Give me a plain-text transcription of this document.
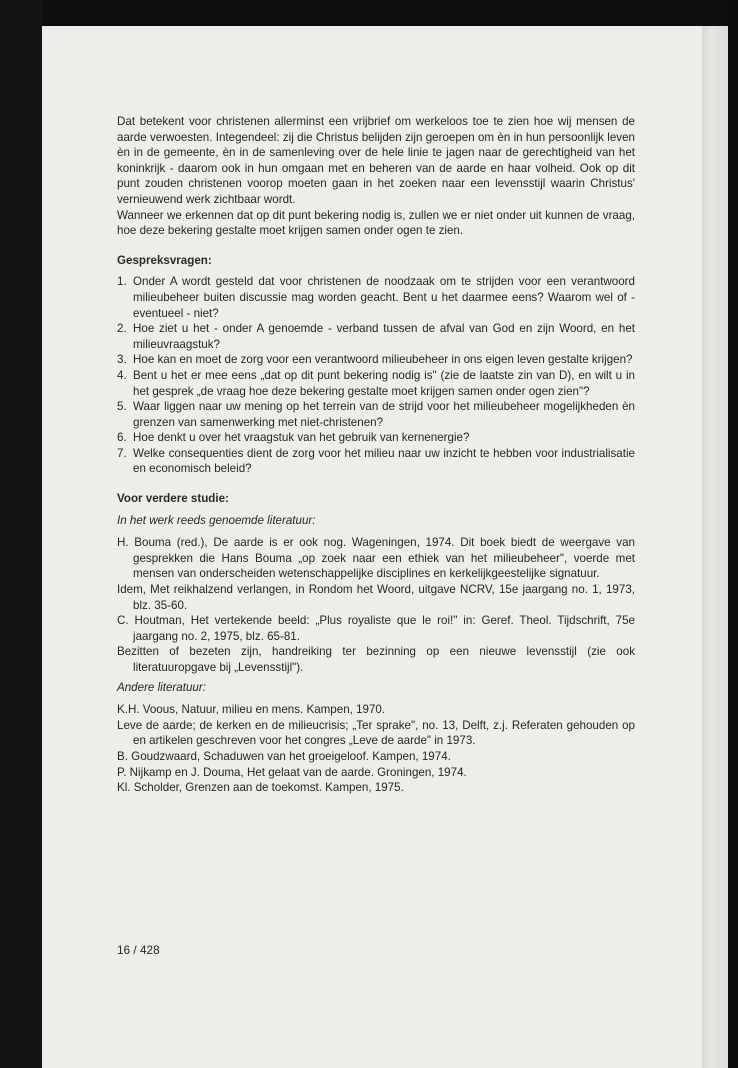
Dat betekent voor christenen allerminst een vrijbrief om werkeloos toe te zien hoe wij mensen de aarde verwoesten. Integendeel: zij die Christus belijden zijn geroepen om èn in hun persoonlijk leven èn in de gemeente, èn in de samenleving over de hele linie te jagen naar de gerechtigheid van het koninkrijk - daarom ook in hun omgaan met en beheren van de aarde en haar volheid. Ook op dit punt zouden christenen voorop moeten gaan in het zoeken naar een levensstijl waarin Christus' vernieuwend werk zichtbaar wordt.

Wanneer we erkennen dat op dit punt bekering nodig is, zullen we er niet onder uit kunnen de vraag, hoe deze bekering gestalte moet krijgen samen onder ogen te zien.

Gespreksvragen:

1. Onder A wordt gesteld dat voor christenen de noodzaak om te strijden voor een verantwoord milieubeheer buiten discussie mag worden geacht. Bent u het daarmee eens? Waarom wel of - eventueel - niet?
2. Hoe ziet u het - onder A genoemde - verband tussen de afval van God en zijn Woord, en het milieuvraagstuk?
3. Hoe kan en moet de zorg voor een verantwoord milieubeheer in ons eigen leven gestalte krijgen?
4. Bent u het er mee eens „dat op dit punt bekering nodig is" (zie de laatste zin van D), en wilt u in het gesprek „de vraag hoe deze bekering gestalte moet krijgen samen onder ogen zien"?
5. Waar liggen naar uw mening op het terrein van de strijd voor het milieubeheer mogelijkheden èn grenzen van samenwerking met niet-christenen?
6. Hoe denkt u over het vraagstuk van het gebruik van kernenergie?
7. Welke consequenties dient de zorg voor het milieu naar uw inzicht te hebben voor industrialisatie en economisch beleid?

Voor verdere studie:

In het werk reeds genoemde literatuur:

H. Bouma (red.), De aarde is er ook nog. Wageningen, 1974. Dit boek biedt de weergave van gesprekken die Hans Bouma „op zoek naar een ethiek van het milieubeheer", voerde met mensen van onderscheiden wetenschappelijke disciplines en kerkelijkgeestelijke signatuur.

Idem, Met reikhalzend verlangen, in Rondom het Woord, uitgave NCRV, 15e jaargang no. 1, 1973, blz. 35-60.

C. Houtman, Het vertekende beeld: „Plus royaliste que le roi!" in: Geref. Theol. Tijdschrift, 75e jaargang no. 2, 1975, blz. 65-81.

Bezitten of bezeten zijn, handreiking ter bezinning op een nieuwe levensstijl (zie ook literatuuropgave bij „Levensstijl").

Andere literatuur:

K.H. Voous, Natuur, milieu en mens. Kampen, 1970.

Leve de aarde; de kerken en de milieucrisis; „Ter sprake", no. 13, Delft, z.j. Referaten gehouden op en artikelen geschreven voor het congres „Leve de aarde" in 1973.

B. Goudzwaard, Schaduwen van het groeigeloof. Kampen, 1974.

P. Nijkamp en J. Douma, Het gelaat van de aarde. Groningen, 1974.

Kl. Scholder, Grenzen aan de toekomst. Kampen, 1975.

16 / 428
